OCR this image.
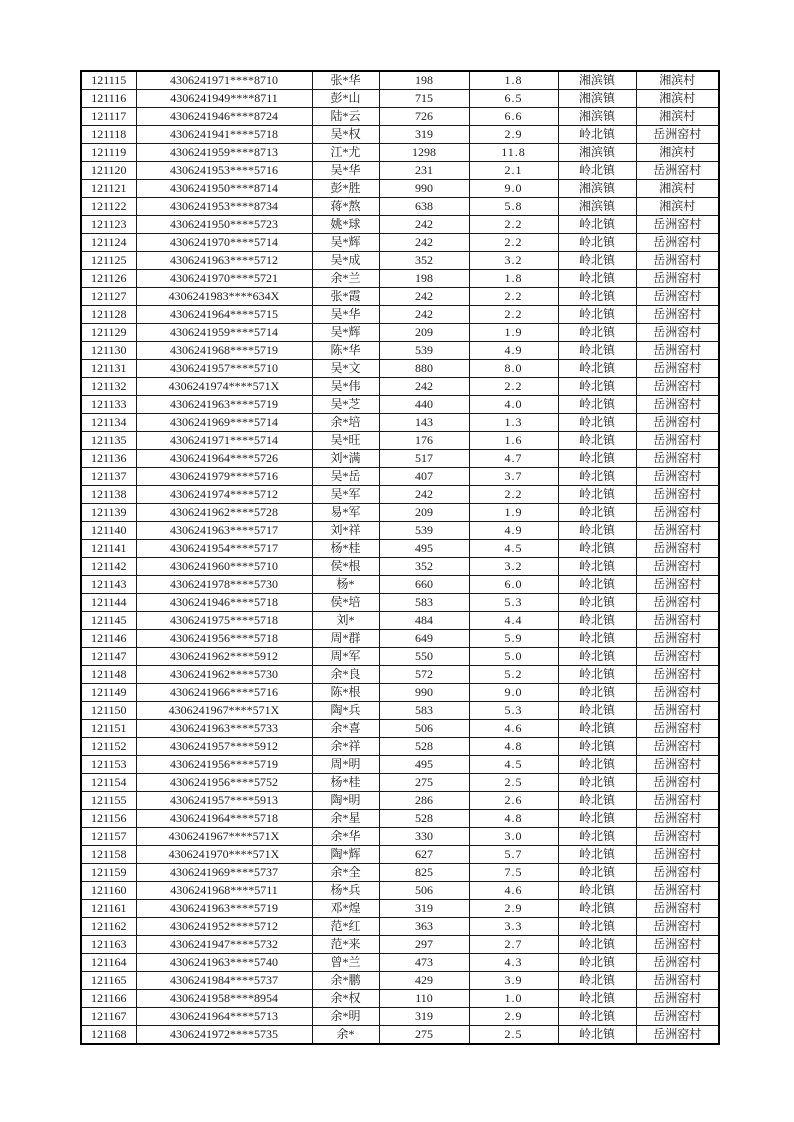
121115	4306241971****8710	张*华	198	1.8	湘滨镇	湘滨村
121116	4306241949****8711	彭*山	715	6.5	湘滨镇	湘滨村
121117	4306241946****8724	陆*云	726	6.6	湘滨镇	湘滨村
121118	4306241941****5718	吴*权	319	2.9	岭北镇	岳洲窑村
121119	4306241959****8713	江*尤	1298	11.8	湘滨镇	湘滨村
121120	4306241953****5716	吴*华	231	2.1	岭北镇	岳洲窑村
121121	4306241950****8714	彭*胜	990	9.0	湘滨镇	湘滨村
121122	4306241953****8734	蒋*熬	638	5.8	湘滨镇	湘滨村
121123	4306241950****5723	姚*球	242	2.2	岭北镇	岳洲窑村
121124	4306241970****5714	吴*辉	242	2.2	岭北镇	岳洲窑村
121125	4306241963****5712	吴*成	352	3.2	岭北镇	岳洲窑村
121126	4306241970****5721	余*兰	198	1.8	岭北镇	岳洲窑村
121127	4306241983****634X	张*霞	242	2.2	岭北镇	岳洲窑村
121128	4306241964****5715	吴*华	242	2.2	岭北镇	岳洲窑村
121129	4306241959****5714	吴*辉	209	1.9	岭北镇	岳洲窑村
121130	4306241968****5719	陈*华	539	4.9	岭北镇	岳洲窑村
121131	4306241957****5710	吴*文	880	8.0	岭北镇	岳洲窑村
121132	4306241974****571X	吴*伟	242	2.2	岭北镇	岳洲窑村
121133	4306241963****5719	吴*芝	440	4.0	岭北镇	岳洲窑村
121134	4306241969****5714	余*培	143	1.3	岭北镇	岳洲窑村
121135	4306241971****5714	吴*旺	176	1.6	岭北镇	岳洲窑村
121136	4306241964****5726	刘*满	517	4.7	岭北镇	岳洲窑村
121137	4306241979****5716	吴*岳	407	3.7	岭北镇	岳洲窑村
121138	4306241974****5712	吴*军	242	2.2	岭北镇	岳洲窑村
121139	4306241962****5728	易*军	209	1.9	岭北镇	岳洲窑村
121140	4306241963****5717	刘*祥	539	4.9	岭北镇	岳洲窑村
121141	4306241954****5717	杨*桂	495	4.5	岭北镇	岳洲窑村
121142	4306241960****5710	侯*根	352	3.2	岭北镇	岳洲窑村
121143	4306241978****5730	杨*	660	6.0	岭北镇	岳洲窑村
121144	4306241946****5718	侯*培	583	5.3	岭北镇	岳洲窑村
121145	4306241975****5718	刘*	484	4.4	岭北镇	岳洲窑村
121146	4306241956****5718	周*群	649	5.9	岭北镇	岳洲窑村
121147	4306241962****5912	周*军	550	5.0	岭北镇	岳洲窑村
121148	4306241962****5730	余*良	572	5.2	岭北镇	岳洲窑村
121149	4306241966****5716	陈*根	990	9.0	岭北镇	岳洲窑村
121150	4306241967****571X	陶*兵	583	5.3	岭北镇	岳洲窑村
121151	4306241963****5733	余*喜	506	4.6	岭北镇	岳洲窑村
121152	4306241957****5912	余*祥	528	4.8	岭北镇	岳洲窑村
121153	4306241956****5719	周*明	495	4.5	岭北镇	岳洲窑村
121154	4306241956****5752	杨*桂	275	2.5	岭北镇	岳洲窑村
121155	4306241957****5913	陶*明	286	2.6	岭北镇	岳洲窑村
121156	4306241964****5718	余*星	528	4.8	岭北镇	岳洲窑村
121157	4306241967****571X	余*华	330	3.0	岭北镇	岳洲窑村
121158	4306241970****571X	陶*辉	627	5.7	岭北镇	岳洲窑村
121159	4306241969****5737	余*全	825	7.5	岭北镇	岳洲窑村
121160	4306241968****5711	杨*兵	506	4.6	岭北镇	岳洲窑村
121161	4306241963****5719	邓*煌	319	2.9	岭北镇	岳洲窑村
121162	4306241952****5712	范*红	363	3.3	岭北镇	岳洲窑村
121163	4306241947****5732	范*来	297	2.7	岭北镇	岳洲窑村
121164	4306241963****5740	曾*兰	473	4.3	岭北镇	岳洲窑村
121165	4306241984****5737	余*鹏	429	3.9	岭北镇	岳洲窑村
121166	4306241958****8954	余*权	110	1.0	岭北镇	岳洲窑村
121167	4306241964****5713	余*明	319	2.9	岭北镇	岳洲窑村
121168	4306241972****5735	余*	275	2.5	岭北镇	岳洲窑村
